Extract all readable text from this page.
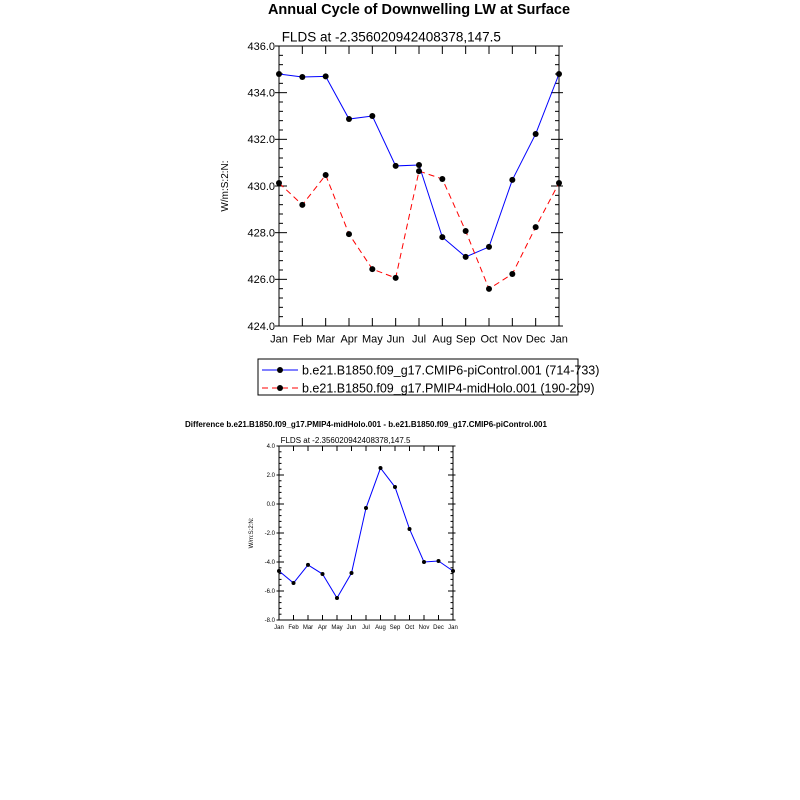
Annual Cycle of Downwelling LW at Surface
FLDS at -2.356020942408378,147.5
424.0
426.0
428.0
430.0
432.0
434.0
436.0
Jan Feb Mar Apr May Jun Jul Aug Sep Oct Nov Dec Jan
W/m:S:2:N:
b.e21.B1850.f09_g17.CMIP6-piControl.001 (714-733)
b.e21.B1850.f09_g17.PMIP4-midHolo.001 (190-209)
Difference b.e21.B1850.f09_g17.PMIP4-midHolo.001 - b.e21.B1850.f09_g17.CMIP6-piControl.001
FLDS at -2.356020942408378,147.5
-8.0
-6.0
-4.0
-2.0
0.0
2.0
4.0
Jan Feb Mar Apr May Jun Jul Aug Sep Oct Nov Dec Jan
W/m:S:2:N:
